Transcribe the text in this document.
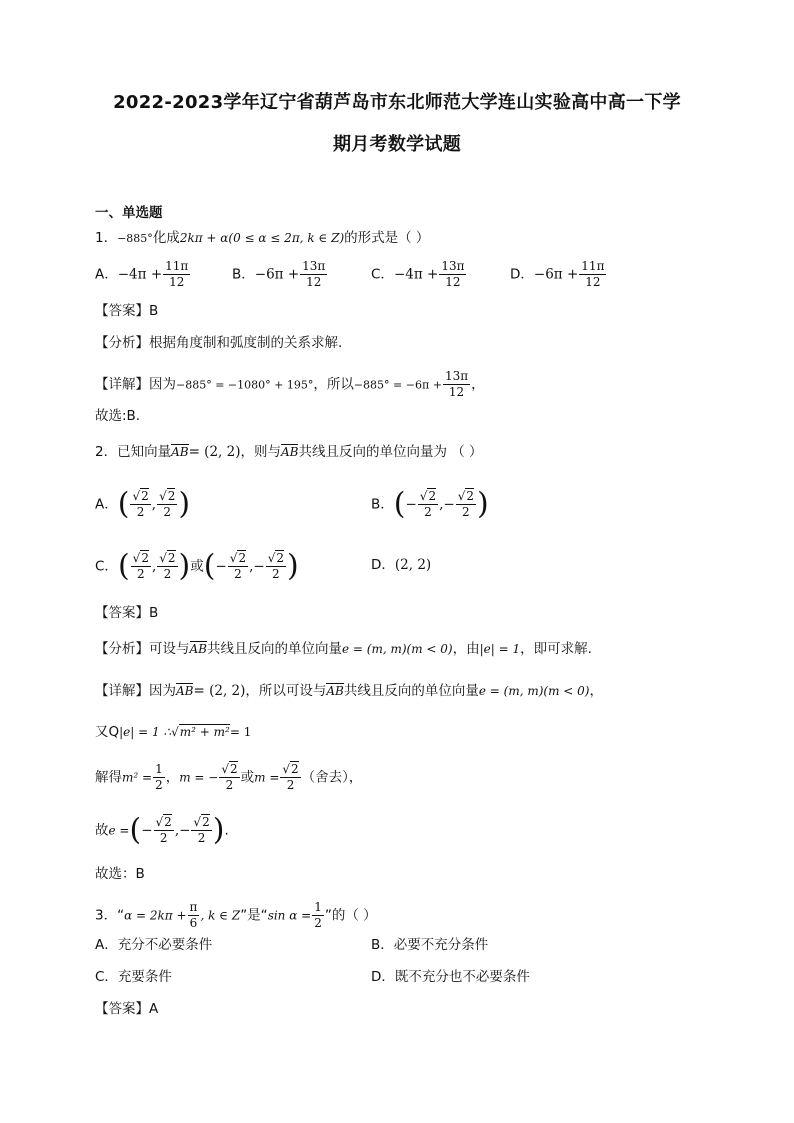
2022-2023学年辽宁省葫芦岛市东北师范大学连山实验高中高一下学
期月考数学试题
一、单选题
1．−885°化成2kπ + α(0 ≤ α ≤ 2π, k ∈ Z)的形式是（ ）
A．$-4\pi + \frac{11\pi}{12}$	B．$-6\pi + \frac{13\pi}{12}$	C．$-4\pi + \frac{13\pi}{12}$	D．$-6\pi + \frac{11\pi}{12}$
【答案】B
【分析】根据角度制和弧度制的关系求解.
【详解】因为−885° = −1080° + 195°，所以$-885^\circ = -6\pi + \frac{13\pi}{12}$ ，
故选:B.
2．已知向量AB= (2, 2)，则与AB共线且反向的单位向量为 （ ）
A．( $\frac{√2}{2}$ , $\frac{√2}{2}$ )	B．(− $\frac{√2}{2}$ ,− $\frac{√2}{2}$ )
C．( $\frac{√2}{2}$ , $\frac{√2}{2}$ )或(− $\frac{√2}{2}$ ,− $\frac{√2}{2}$ )	D．(2, 2)
【答案】B
【分析】可设与AB共线且反向的单位向量e = (m, m)(m < 0)，由|e| = 1，即可求解.
【详解】因为AB= (2, 2)，所以可设与AB共线且反向的单位向量e = (m, m)(m < 0)，
又Q|e| = 1 ∴√m² + m²= 1
解得$m^2 = \frac{1}{2}$ ，m = − $\frac{√2}{2}$ 或$m = \frac{√2}{2}$ （舍去），
故e =(− $\frac{√2}{2}$ ,− $\frac{√2}{2}$ ).
故选：B
3．“$\alpha = 2k\pi + \frac{\pi}{6}$ , k ∈ Z”是“sin $\alpha = \frac{1}{2}$ ”的（ ）
A．充分不必要条件	B．必要不充分条件
C．充要条件	D．既不充分也不必要条件
【答案】A
